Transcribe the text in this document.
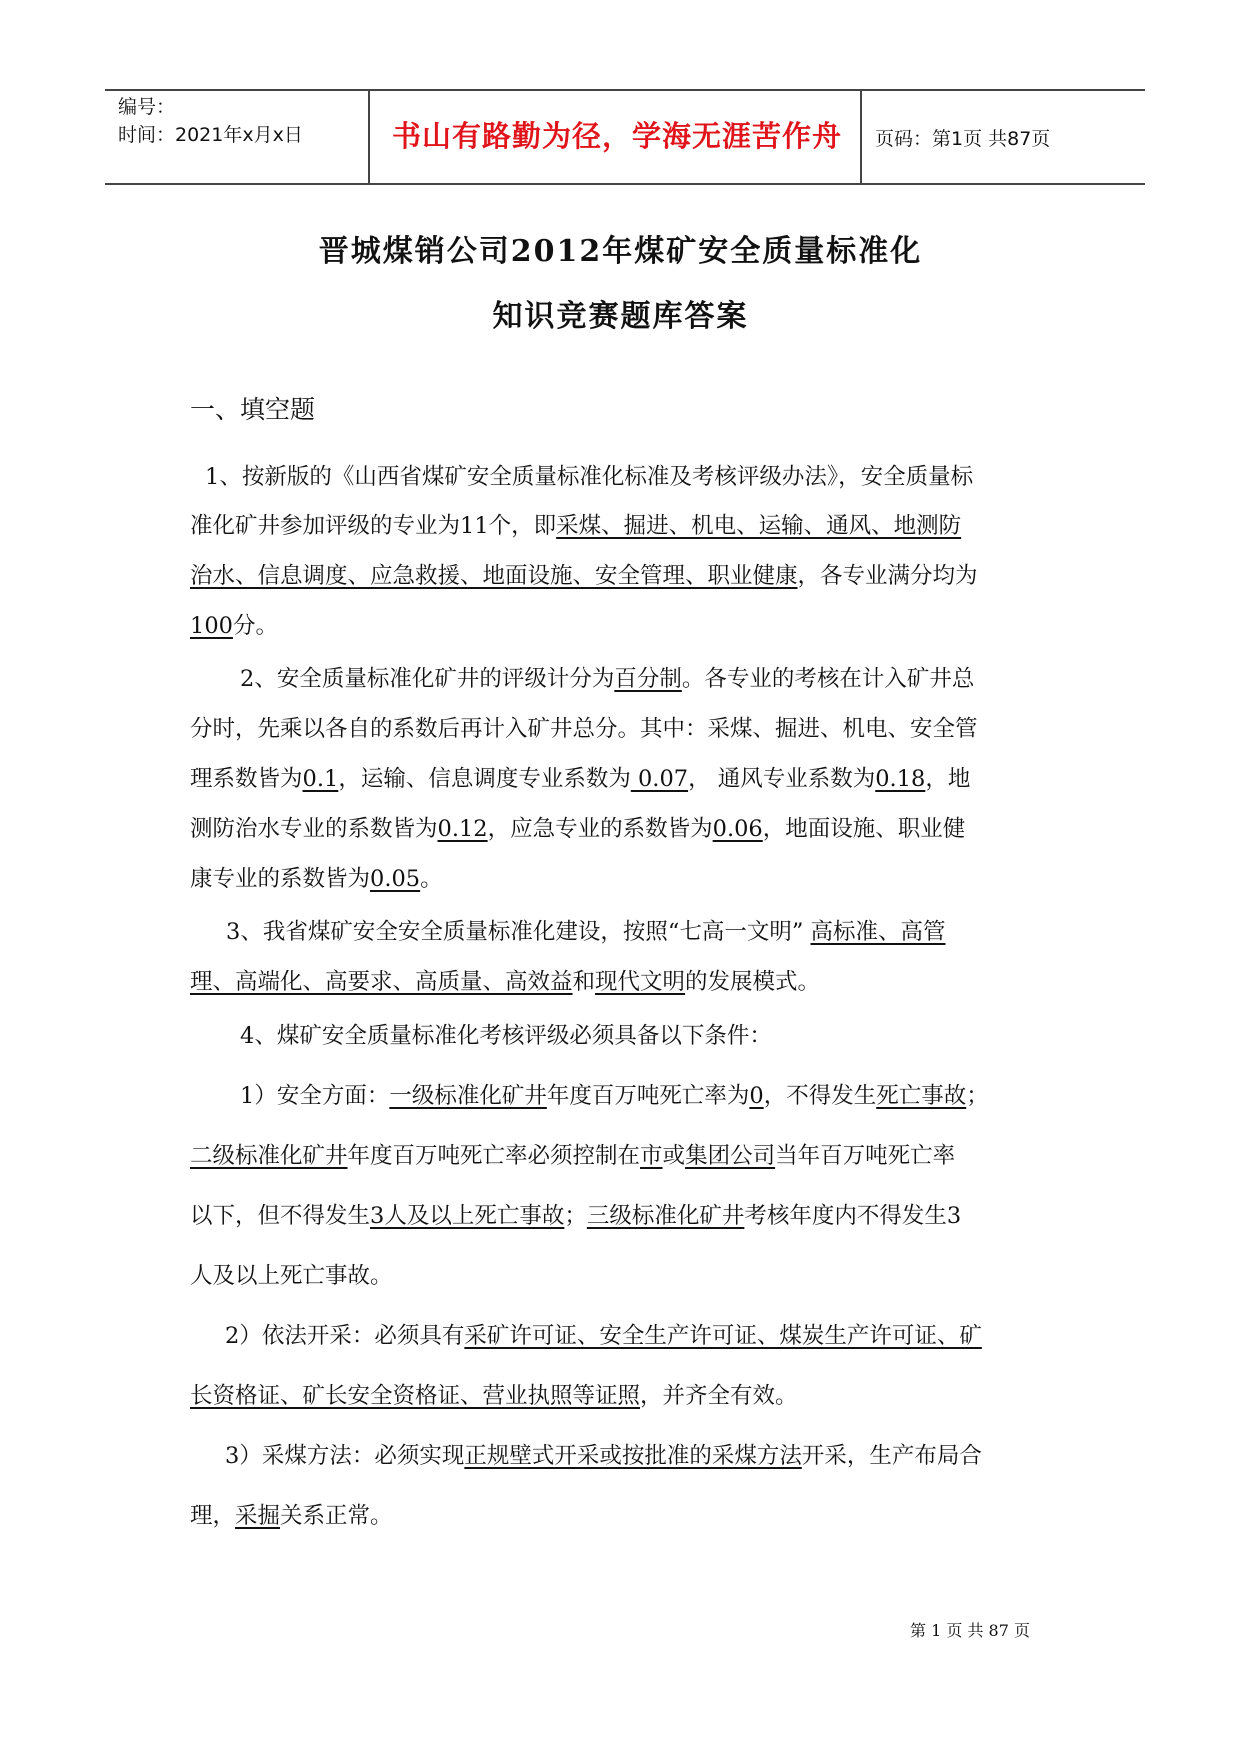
编号：
时间：2021年x月x日	书山有路勤为径，学海无涯苦作舟	页码：第1页 共87页
晋城煤销公司2012年煤矿安全质量标准化
知识竞赛题库答案
一、填空题
1、按新版的《山西省煤矿安全质量标准化标准及考核评级办法》，安全质量标
准化矿井参加评级的专业为11个，即采煤、掘进、机电、运输、通风、地测防
治水、信息调度、应急救援、地面设施、安全管理、职业健康，各专业满分均为
100分。
2、安全质量标准化矿井的评级计分为百分制。各专业的考核在计入矿井总
分时，先乘以各自的系数后再计入矿井总分。其中：采煤、掘进、机电、安全管
理系数皆为0.1，运输、信息调度专业系数为 0.07， 通风专业系数为0.18，地
测防治水专业的系数皆为0.12，应急专业的系数皆为0.06，地面设施、职业健
康专业的系数皆为0.05。
3、我省煤矿安全安全质量标准化建设，按照“七高一文明” 高标准、高管
理、高端化、高要求、高质量、高效益和现代文明的发展模式。
4、煤矿安全质量标准化考核评级必须具备以下条件：
1）安全方面：一级标准化矿井年度百万吨死亡率为0，不得发生死亡事故；
二级标准化矿井年度百万吨死亡率必须控制在市或集团公司当年百万吨死亡率
以下，但不得发生3人及以上死亡事故；三级标准化矿井考核年度内不得发生3
人及以上死亡事故。
2）依法开采：必须具有采矿许可证、安全生产许可证、煤炭生产许可证、矿
长资格证、矿长安全资格证、营业执照等证照，并齐全有效。
3）采煤方法：必须实现正规壁式开采或按批准的采煤方法开采，生产布局合
理，采掘关系正常。
第 1 页 共 87 页
